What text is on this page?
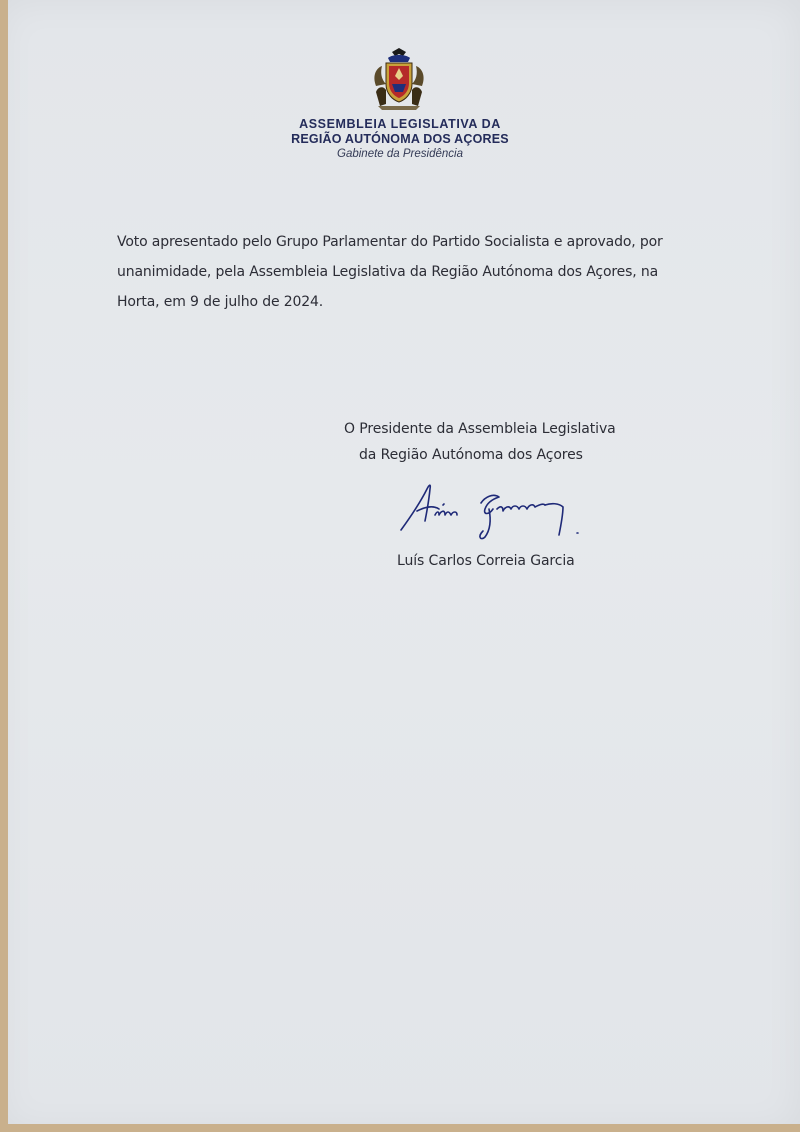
ASSEMBLEIA LEGISLATIVA DA
REGIÃO AUTÓNOMA DOS AÇORES
Gabinete da Presidência
Voto apresentado pelo Grupo Parlamentar do Partido Socialista e aprovado, por
unanimidade, pela Assembleia Legislativa da Região Autónoma dos Açores, na
Horta, em 9 de julho de 2024.
O Presidente da Assembleia Legislativa
da Região Autónoma dos Açores
Luís Carlos Correia Garcia
